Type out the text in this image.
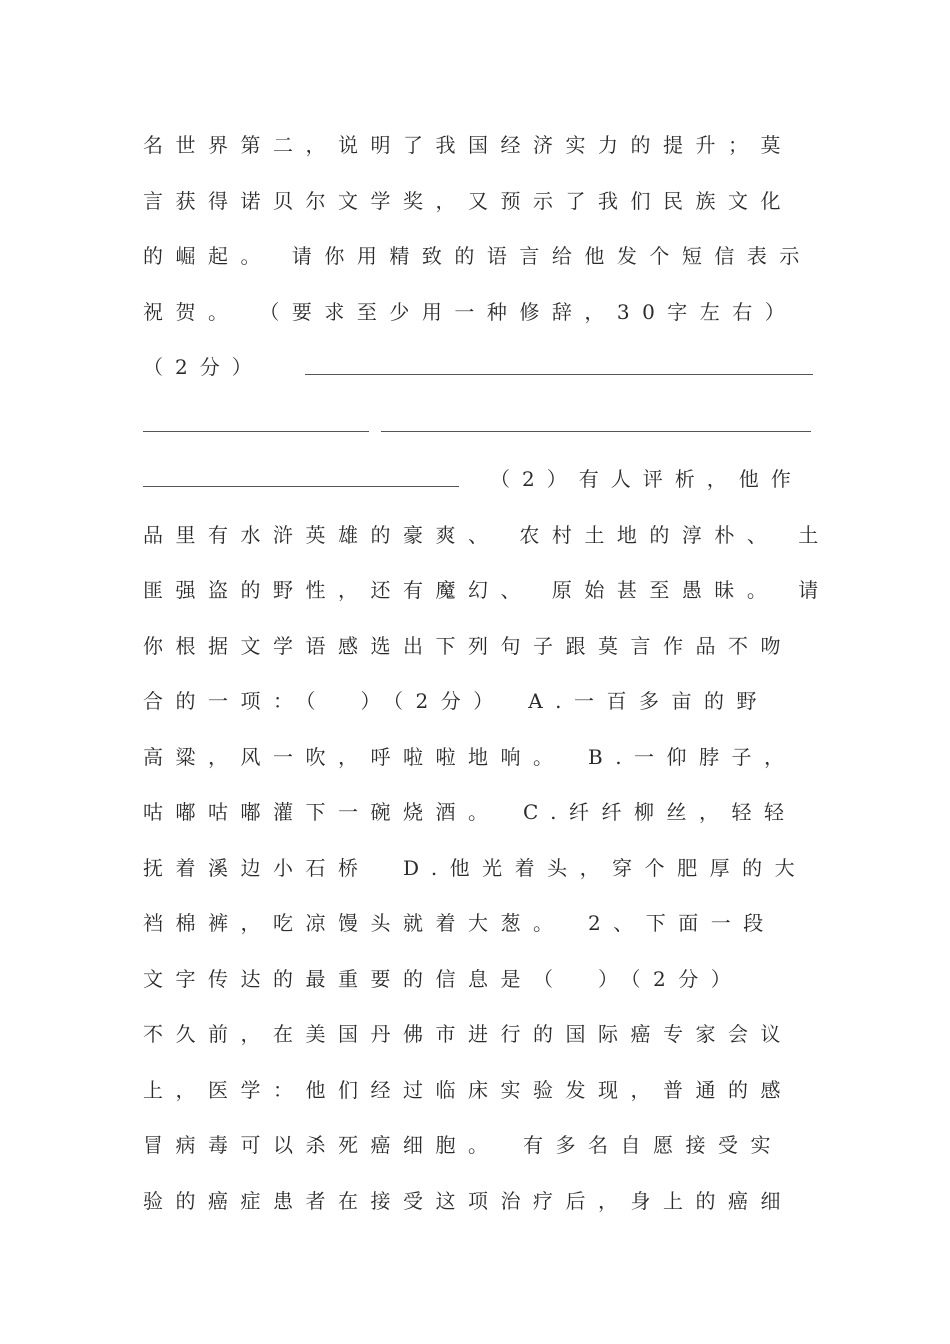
名世界第二，说明了我国经济实力的提升；莫
言获得诺贝尔文学奖，又预示了我们民族文化
的崛起。 请你用精致的语言给他发个短信表示
祝贺。 （要求至少用一种修辞，30字左右）
（2分）
（2）有人评析，他作
品里有水浒英雄的豪爽、 农村土地的淳朴、 土
匪强盗的野性，还有魔幻、 原始甚至愚昧。 请
你根据文学语感选出下列句子跟莫言作品不吻
合的一项：（　）（2分）　A.一百多亩的野
高粱，风一吹，呼啦啦地响。　B.一仰脖子，
咕嘟咕嘟灌下一碗烧酒。　C.纤纤柳丝，轻轻
抚着溪边小石桥　D.他光着头，穿个肥厚的大
裆棉裤，吃凉馒头就着大葱。　2、下面一段
文字传达的最重要的信息是（　）（2分）
不久前，在美国丹佛市进行的国际癌专家会议
上，医学：他们经过临床实验发现，普通的感
冒病毒可以杀死癌细胞。　有多名自愿接受实
验的癌症患者在接受这项治疗后，身上的癌细
